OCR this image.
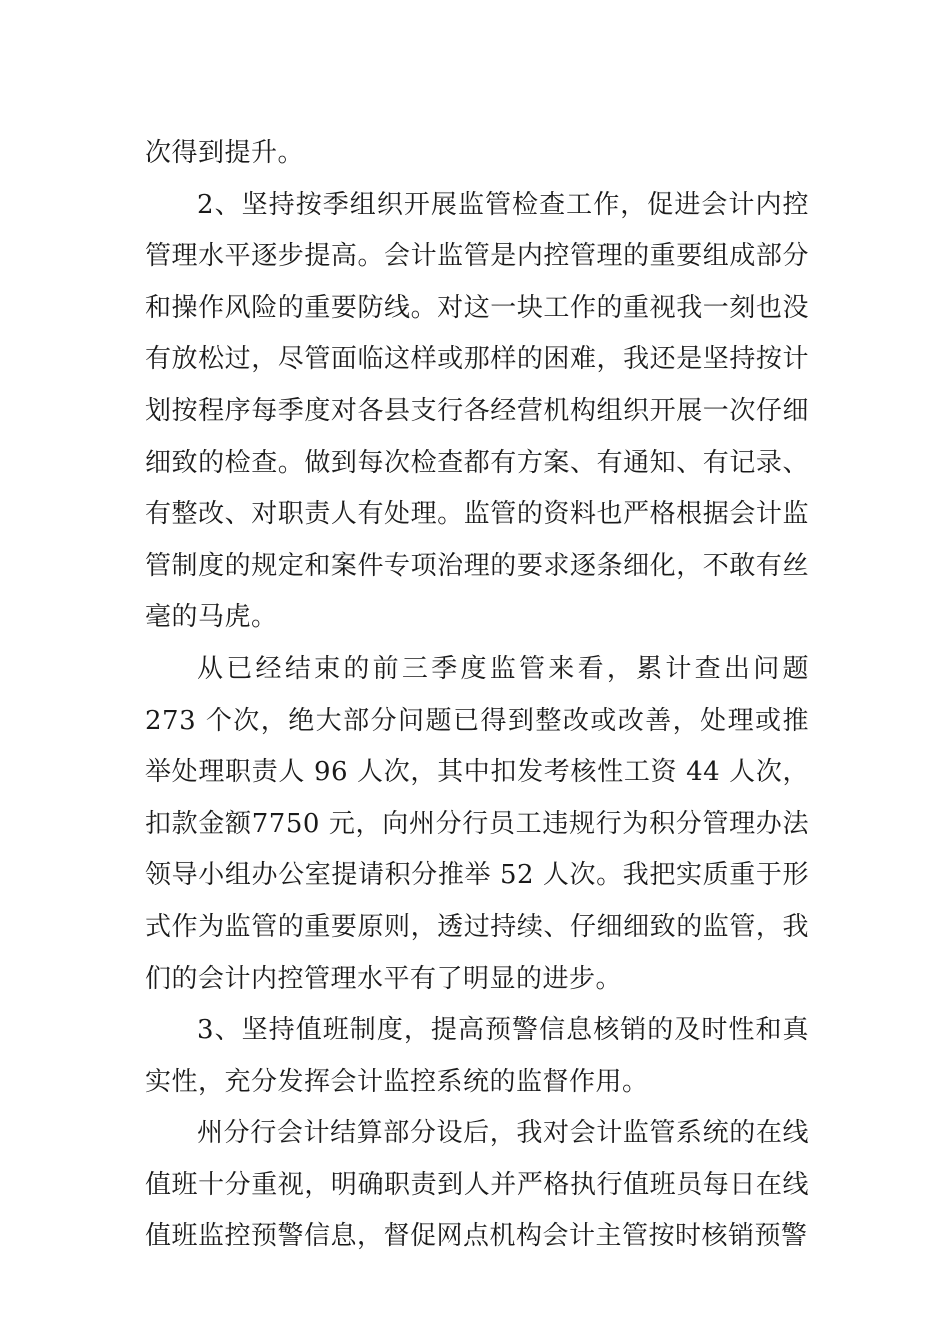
次得到提升。

2、坚持按季组织开展监管检查工作，促进会计内控管理水平逐步提高。会计监管是内控管理的重要组成部分和操作风险的重要防线。对这一块工作的重视我一刻也没有放松过，尽管面临这样或那样的困难，我还是坚持按计划按程序每季度对各县支行各经营机构组织开展一次仔细细致的检查。做到每次检查都有方案、有通知、有记录、有整改、对职责人有处理。监管的资料也严格根据会计监管制度的规定和案件专项治理的要求逐条细化，不敢有丝毫的马虎。

从已经结束的前三季度监管来看，累计查出问题 273 个次，绝大部分问题已得到整改或改善，处理或推举处理职责人 96 人次，其中扣发考核性工资 44 人次，扣款金额7750 元，向州分行员工违规行为积分管理办法领导小组办公室提请积分推举 52 人次。我把实质重于形式作为监管的重要原则，透过持续、仔细细致的监管，我们的会计内控管理水平有了明显的进步。

3、坚持值班制度，提高预警信息核销的及时性和真实性，充分发挥会计监控系统的监督作用。

州分行会计结算部分设后，我对会计监管系统的在线值班十分重视，明确职责到人并严格执行值班员每日在线值班监控预警信息，督促网点机构会计主管按时核销预警
